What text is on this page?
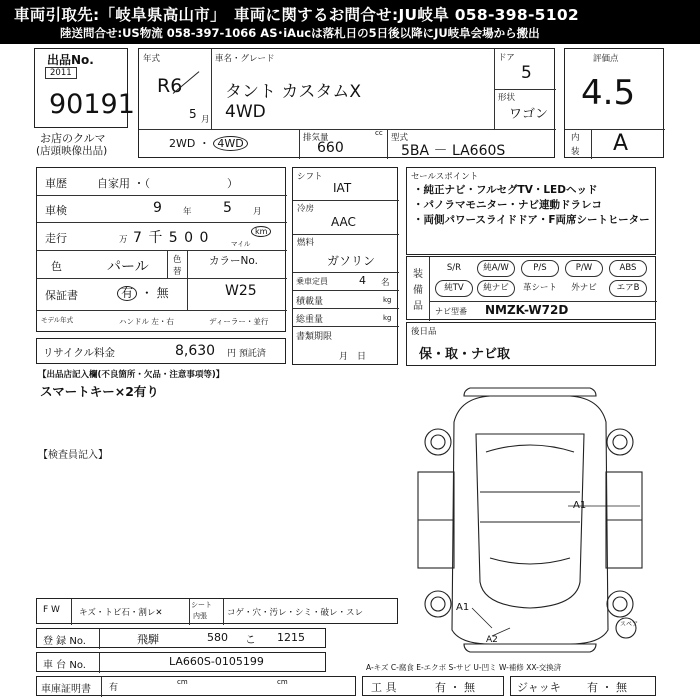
車両引取先:「岐阜県高山市」　車両に関するお問合せ:JU岐阜 058-398-5102
陸送問合せ:US物流 058-397-1066 AS･iAucは落札日の5日後以降にJU岐阜会場から搬出
出品No.
2011
90191
お店のクルマ
(店頭映像出品)
年式
R6
5 月
車名・グレード
タント カスタムX
4WD
ドア
5
形状
ワゴン
2WD ・ 4WD	排気量	cc
660
型式
5BA － LA660S
評価点
4.5
内
装 A
車歴	自家用 ・（　　　　　　　）
車検	9 年 5 月
走行	万 7 千 5 0 0	km
マイル
色	パール	色
替
カラーNo.
W25
保証書	有 ・ 無
モデル年式	ハンドル 左・右	ディーラー・並行
リサイクル料金	8,630 円 預託済
シフト
IAT
冷房
AAC
燃料
ガソリン
乗車定員	4 名
積載量	kg
総重量	kg
書類期限
月　日
セールスポイント
・純正ナビ・フルセグTV・LEDヘッド
・パノラマモニター・ナビ連動ドラレコ
・両側パワースライドドア・F両席シートヒーター
装
備
品
S/R	純A/W	P/S	P/W	ABS
純TV	純ナビ	革シート	外ナビ	エアB
ナビ型番 NMZK-W72D
後日品
保・取・ナビ取
【出品店記入欄(不良箇所・欠品・注意事項等)】
スマートキー×2有り
【検査員記入】
A1
A1
A2
スペア
A-キズ C-腐食 E-エクボ S-サビ U-凹ミ W-補修 XX-交換済
F W キズ・トビ石・割レ✕
シート
内張 コゲ・穴・汚レ・シミ・破レ・スレ
登 録 No.	飛騨	580 こ 1215
車 台 No.	LA660S-0105199
車庫証明書 有
cm	cm	工 具	有 ・ 無	ジャッキ 有 ・ 無
